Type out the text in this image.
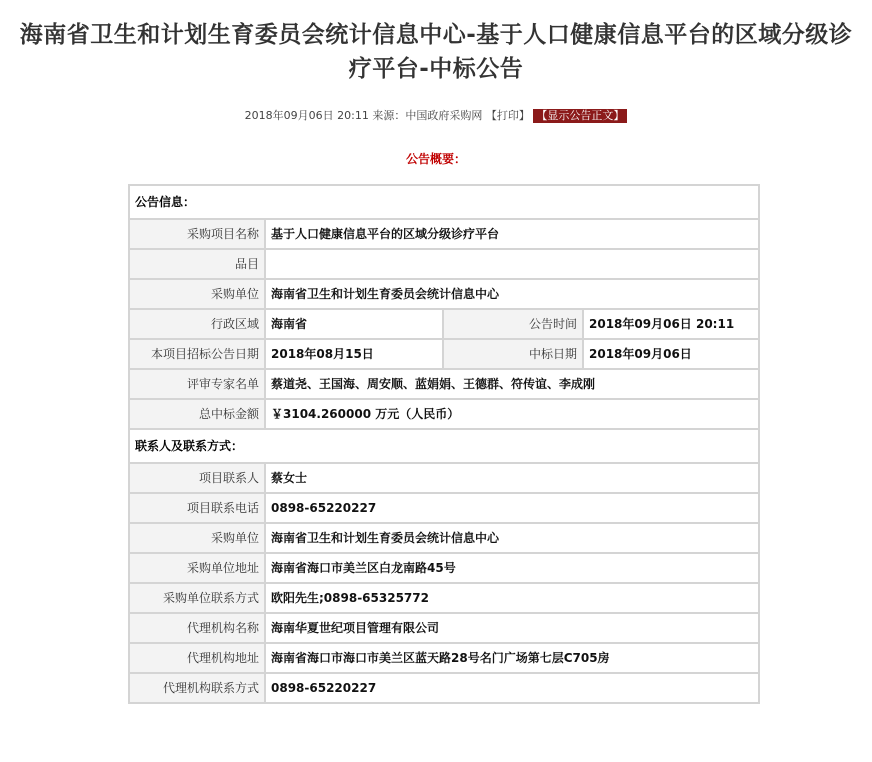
海南省卫生和计划生育委员会统计信息中心-基于人口健康信息平台的区域分级诊
疗平台-中标公告
2018年09月06日 20:11 来源：中国政府采购网 【打印】 【显示公告正文】
公告概要：
公告信息：			
采购项目名称	基于人口健康信息平台的区域分级诊疗平台		
品目			
采购单位	海南省卫生和计划生育委员会统计信息中心		
行政区域	海南省	公告时间	2018年09月06日 20:11
本项目招标公告日期	2018年08月15日	中标日期	2018年09月06日
评审专家名单	蔡道尧、王国海、周安顺、蓝娟娟、王德群、符传谊、李成刚		
总中标金额	￥3104.260000 万元（人民币）		
联系人及联系方式：			
项目联系人	蔡女士		
项目联系电话	0898-65220227		
采购单位	海南省卫生和计划生育委员会统计信息中心		
采购单位地址	海南省海口市美兰区白龙南路45号		
采购单位联系方式	欧阳先生;0898-65325772		
代理机构名称	海南华夏世纪项目管理有限公司		
代理机构地址	海南省海口市海口市美兰区蓝天路28号名门广场第七层C705房		
代理机构联系方式	0898-65220227		
